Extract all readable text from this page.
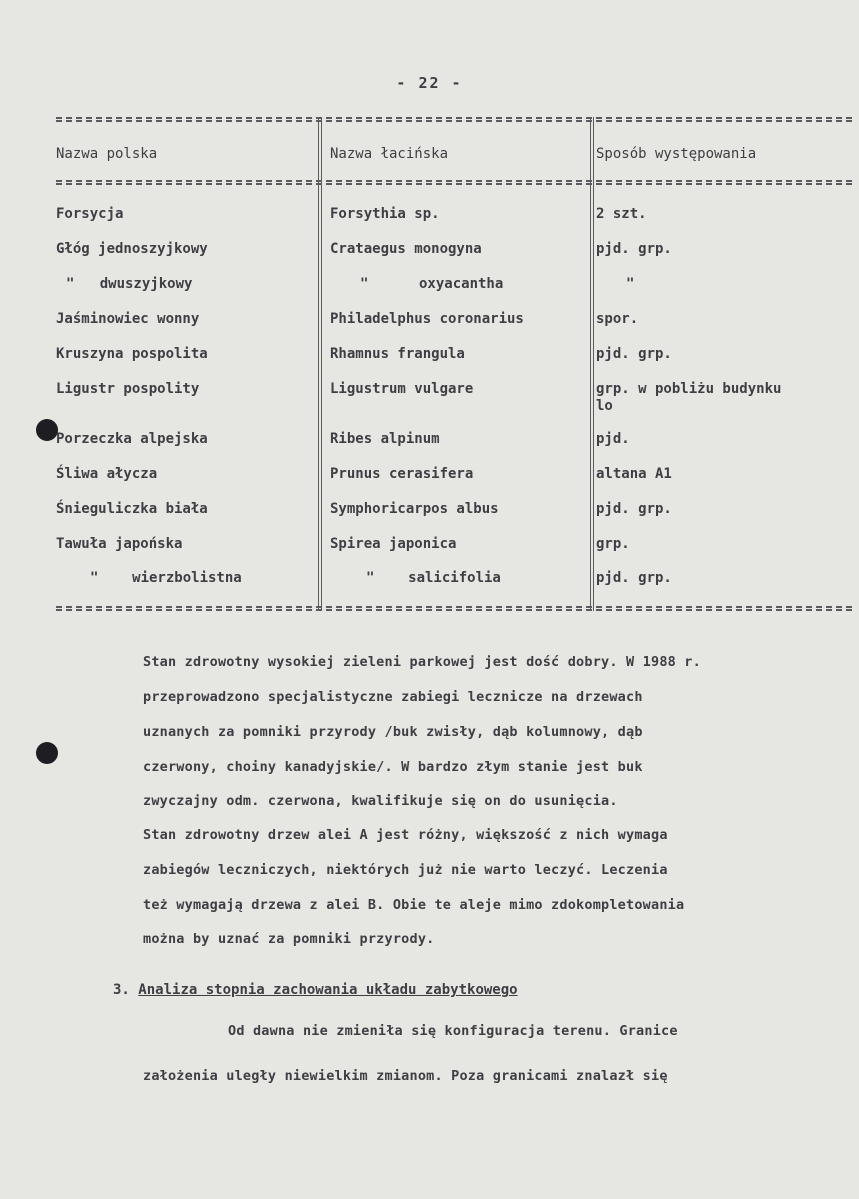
- 22 -
Nazwa polska	Nazwa łacińska	Sposób występowania
Forsycja	Forsythia sp.	2 szt.
Głóg jednoszyjkowy	Crataegus monogyna	pjd. grp.
"   dwuszyjkowy	"      oxyacantha	"
Jaśminowiec wonny	Philadelphus coronarius	spor.
Kruszyna pospolita	Rhamnus frangula	pjd. grp.
Ligustr pospolity	Ligustrum vulgare	grp. w pobliżu budynku
lo
Porzeczka alpejska	Ribes alpinum	pjd.
Śliwa ałycza	Prunus cerasifera	altana A1
Śnieguliczka biała	Symphoricarpos albus	pjd. grp.
Tawuła japońska	Spirea japonica	grp.
"    wierzbolistna	"    salicifolia	pjd. grp.
Stan zdrowotny wysokiej zieleni parkowej jest dość dobry. W 1988 r.
przeprowadzono specjalistyczne zabiegi lecznicze na drzewach
uznanych za pomniki przyrody /buk zwisły, dąb kolumnowy, dąb
czerwony, choiny kanadyjskie/. W bardzo złym stanie jest buk
zwyczajny odm. czerwona, kwalifikuje się on do usunięcia.
Stan zdrowotny drzew alei A jest różny, większość z nich wymaga
zabiegów leczniczych, niektórych już nie warto leczyć. Leczenia
też wymagają drzewa z alei B. Obie te aleje mimo zdokompletowania
można by uznać za pomniki przyrody.
3. Analiza stopnia zachowania układu zabytkowego
Od dawna nie zmieniła się konfiguracja terenu. Granice
założenia uległy niewielkim zmianom. Poza granicami znalazł się
